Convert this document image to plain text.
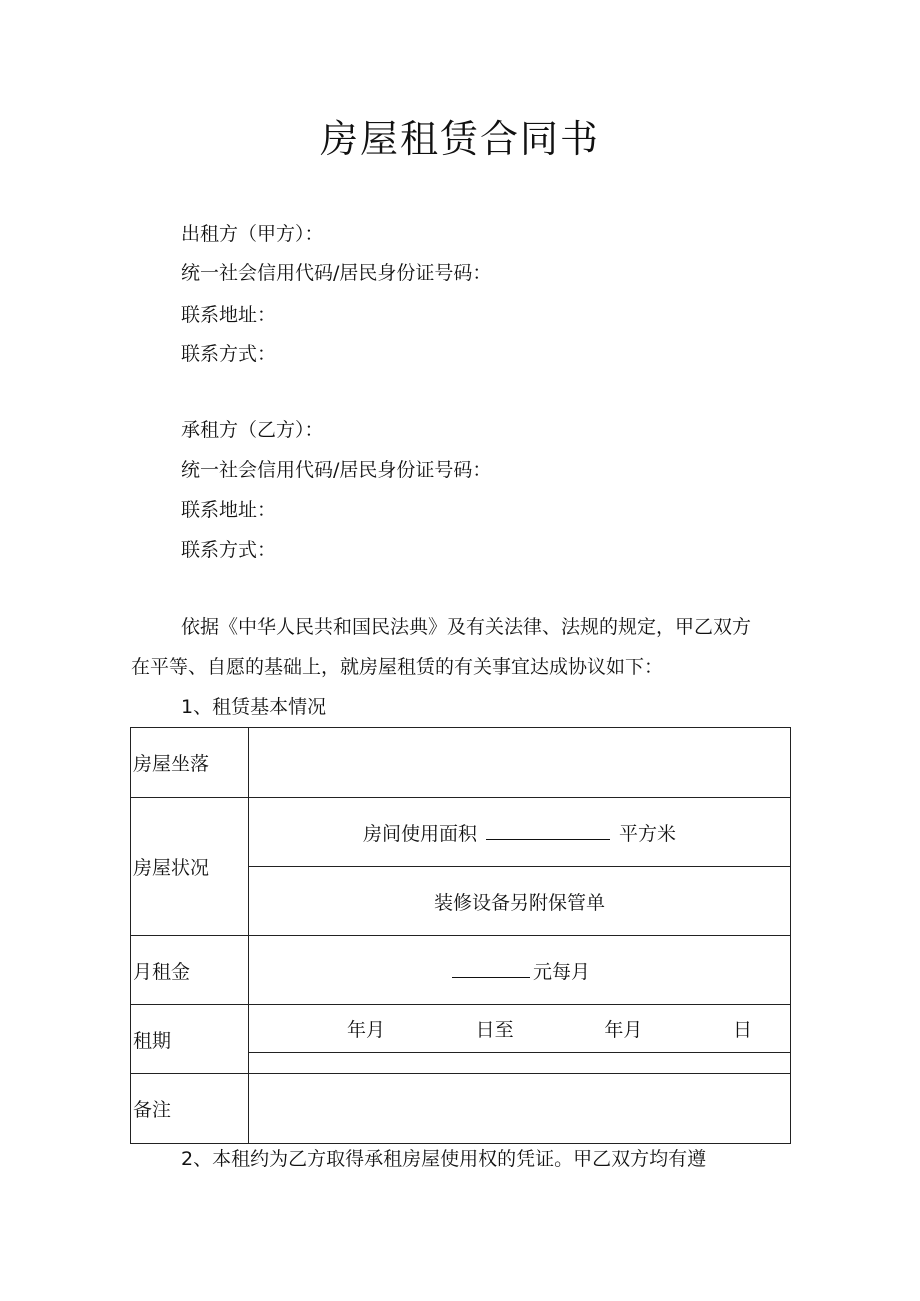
房屋租赁合同书
出租方（甲方）：
统一社会信用代码/居民身份证号码：
联系地址：
联系方式：
承租方（乙方）：
统一社会信用代码/居民身份证号码：
联系地址：
联系方式：
依据《中华人民共和国民法典》及有关法律、法规的规定，甲乙双方
在平等、自愿的基础上，就房屋租赁的有关事宜达成协议如下：
1、租赁基本情况
房屋坐落	
房屋状况	房间使用面积 平方米
	装修设备另附保管单
月租金	元每月
租期	年月 日至 年月 日

备注	
2、本租约为乙方取得承租房屋使用权的凭证。甲乙双方均有遵
